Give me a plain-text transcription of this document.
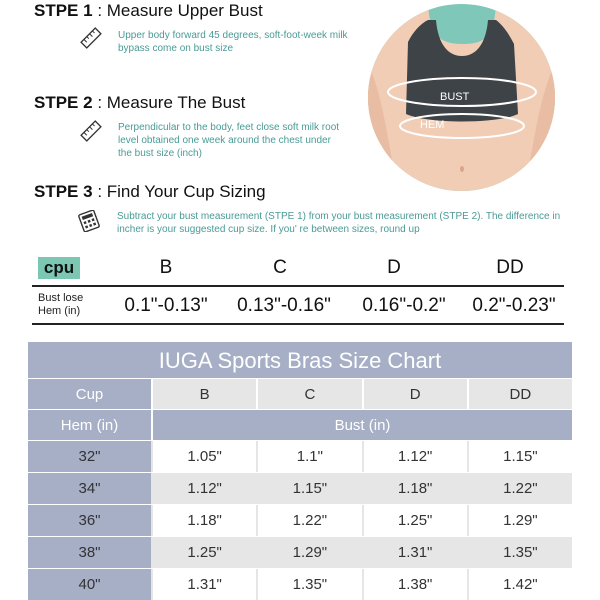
STPE 1 : Measure Upper Bust
Upper body forward 45 degrees, soft-foot-week milk bypass come on bust size
STPE 2 : Measure The Bust
Perpendicular to the body, feet close soft milk root level obtained one week around the chest under the bust size (inch)
STPE 3 : Find Your Cup Sizing
Subtract your bust measurement (STPE 1) from your bust measurement (STPE 2). The difference in incher is your suggested cup size. If you' re between sizes, round up
BUST
HEM
cpu	B	C	D	DD
Bust lose
Hem (in)	0.1"-0.13"	0.13"-0.16"	0.16"-0.2"	0.2"-0.23"
IUGA Sports Bras Size Chart
Cup	B	C	D	DD
Hem (in)	Bust (in)
32"	1.05"	1.1"	1.12"	1.15"
34"	1.12"	1.15"	1.18"	1.22"
36"	1.18"	1.22"	1.25"	1.29"
38"	1.25"	1.29"	1.31"	1.35"
40"	1.31"	1.35"	1.38"	1.42"
